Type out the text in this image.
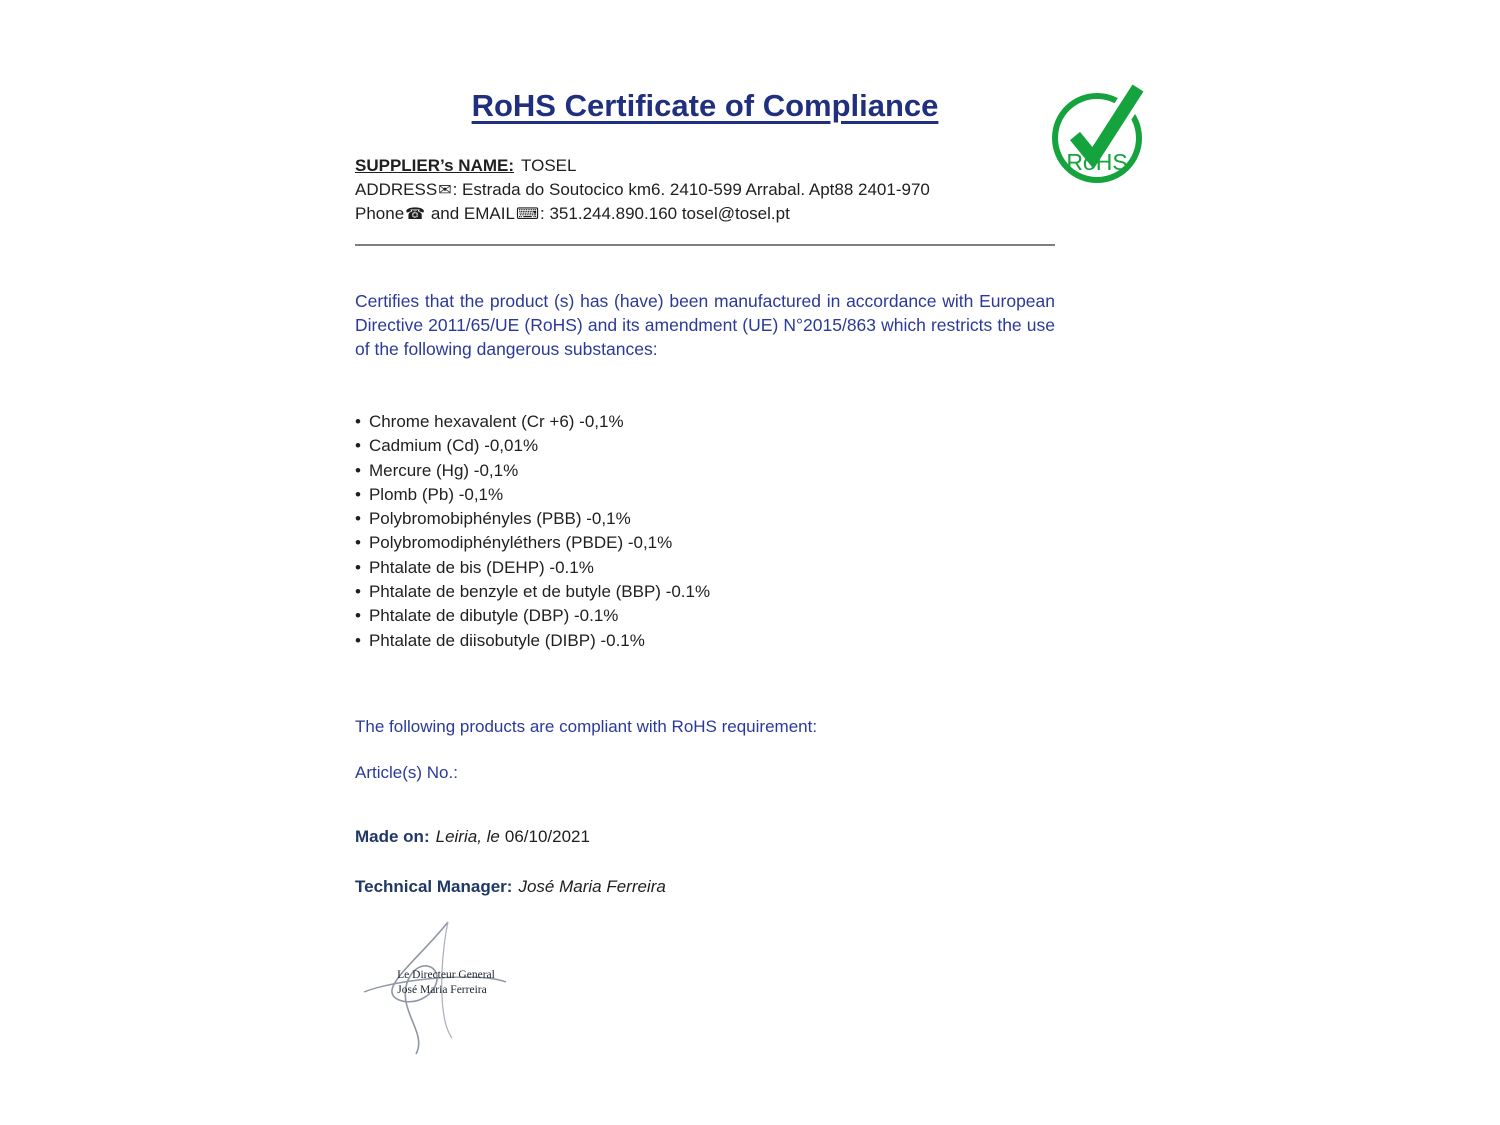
RoHS
RoHS Certificate of Compliance
SUPPLIER’s NAME: TOSEL
ADDRESS✉: Estrada do Soutocico km6. 2410-599 Arrabal. Apt88 2401-970
Phone☎ and EMAIL⌨: 351.244.890.160 tosel@tosel.pt

Certifies that the product (s) has (have) been manufactured in accordance with European Directive 2011/65/UE (RoHS) and its amendment (UE) N°2015/863 which restricts the use of the following dangerous substances:

• Chrome hexavalent (Cr +6) -0,1%
• Cadmium (Cd) -0,01%
• Mercure (Hg) -0,1%
• Plomb (Pb) -0,1%
• Polybromobiphényles (PBB) -0,1%
• Polybromodiphényléthers (PBDE) -0,1%
• Phtalate de bis (DEHP) -0.1%
• Phtalate de benzyle et de butyle (BBP) -0.1%
• Phtalate de dibutyle (DBP) -0.1%
• Phtalate de diisobutyle (DIBP) -0.1%

The following products are compliant with RoHS requirement:

Article(s) No.:

Made on: Leiria, le 06/10/2021

Technical Manager: José Maria Ferreira

Le Directeur General
José Maria Ferreira
